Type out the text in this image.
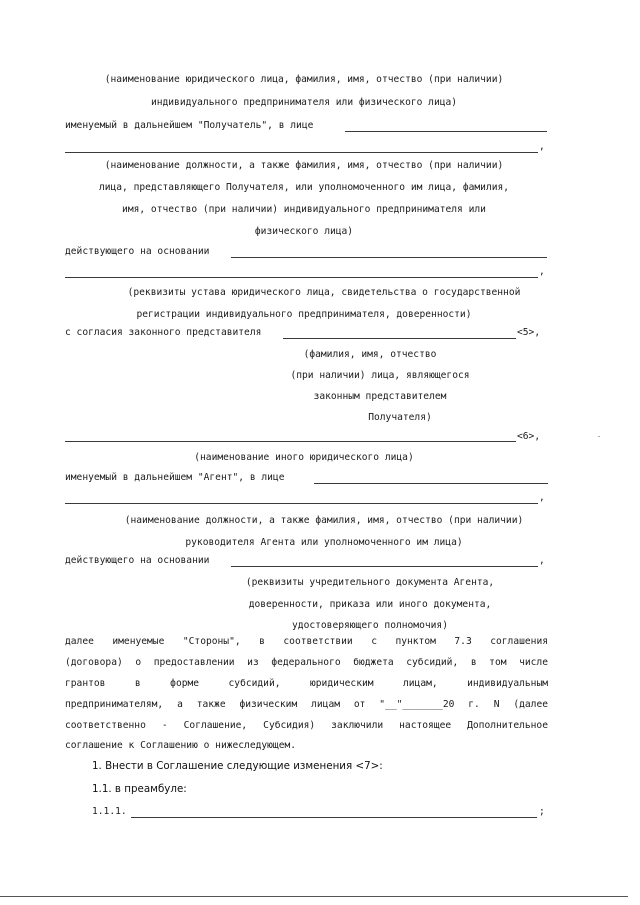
(наименование юридического лица, фамилия, имя, отчество (при наличии)
индивидуального предпринимателя или физического лица)
именуемый в дальнейшем "Получатель", в лице
,
(наименование должности, а также фамилия, имя, отчество (при наличии)
лица, представляющего Получателя, или уполномоченного им лица, фамилия,
имя, отчество (при наличии) индивидуального предпринимателя или
физического лица)
действующего на основании
,
(реквизиты устава юридического лица, свидетельства о государственной
регистрации индивидуального предпринимателя, доверенности)
с согласия законного представителя	<5>,
(фамилия, имя, отчество
(при наличии) лица, являющегося
законным представителем
Получателя)
<6>,
(наименование иного юридического лица)
именуемый в дальнейшем "Агент", в лице
,
(наименование должности, а также фамилия, имя, отчество (при наличии)
руководителя Агента или уполномоченного им лица)
действующего на основании	,
(реквизиты учредительного документа Агента,
доверенности, приказа или иного документа,
удостоверяющего полномочия)
далее именуемые "Стороны", в соответствии с пунктом 7.3 соглашения
(договора) о предоставлении из федерального бюджета субсидий, в том числе
грантов в форме субсидий, юридическим лицам, индивидуальным
предпринимателям, а также физическим лицам от "__"_______20 г. N (далее
соответственно - Соглашение, Субсидия) заключили настоящее Дополнительное
соглашение к Соглашению о нижеследующем.
1. Внести в Соглашение следующие изменения <7>:
1.1. в преамбуле:
1.1.1.	;
